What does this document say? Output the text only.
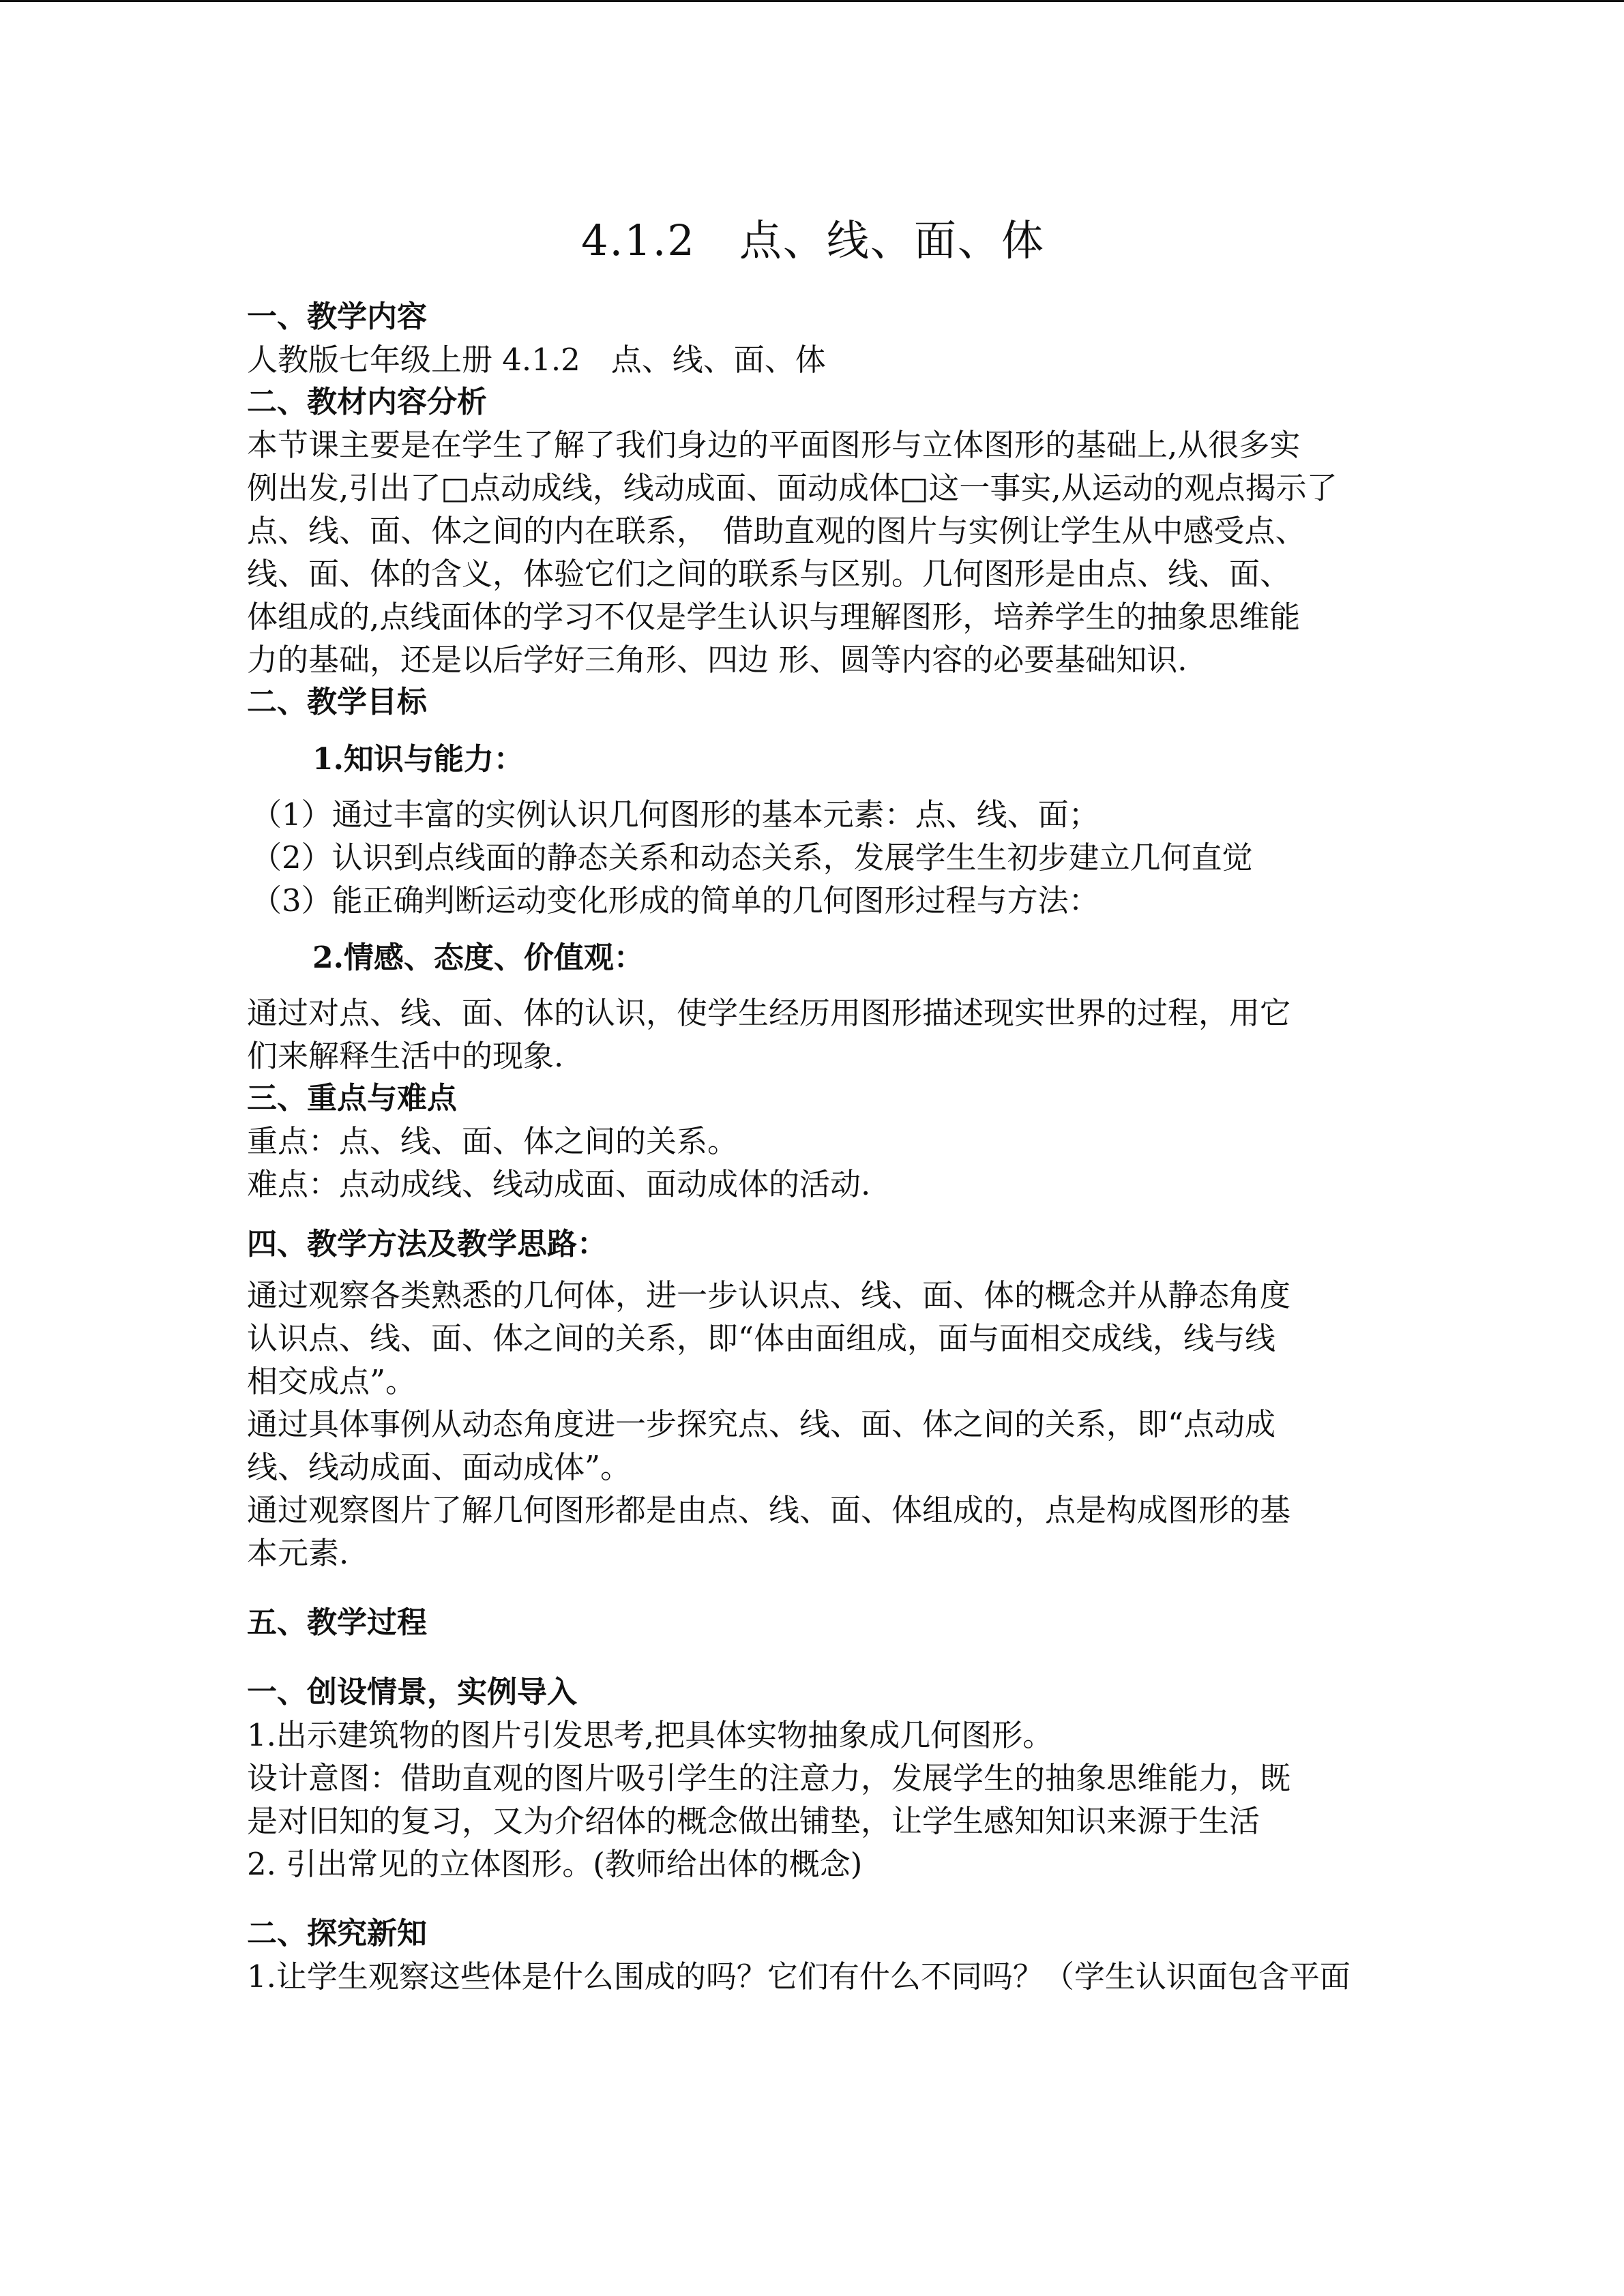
4.1.2　点、线、面、体
一、教学内容
人教版七年级上册 4.1.2　点、线、面、体
二、教材内容分析
本节课主要是在学生了解了我们身边的平面图形与立体图形的基础上,从很多实
例出发,引出了□点动成线，线动成面、面动成体□这一事实,从运动的观点揭示了
点、线、面、体之间的内在联系，　借助直观的图片与实例让学生从中感受点、
线、面、体的含义，体验它们之间的联系与区别。几何图形是由点、线、面、
体组成的,点线面体的学习不仅是学生认识与理解图形，培养学生的抽象思维能
力的基础，还是以后学好三角形、四边 形、圆等内容的必要基础知识.
二、教学目标
1.知识与能力：
（1）通过丰富的实例认识几何图形的基本元素：点、线、面；
（2）认识到点线面的静态关系和动态关系，发展学生生初步建立几何直觉
（3）能正确判断运动变化形成的简单的几何图形过程与方法：
2.情感、态度、价值观：
通过对点、线、面、体的认识，使学生经历用图形描述现实世界的过程，用它
们来解释生活中的现象.
三、重点与难点
重点：点、线、面、体之间的关系。
难点：点动成线、线动成面、面动成体的活动.
四、教学方法及教学思路：
通过观察各类熟悉的几何体，进一步认识点、线、面、体的概念并从静态角度
认识点、线、面、体之间的关系，即“体由面组成，面与面相交成线，线与线
相交成点”。
通过具体事例从动态角度进一步探究点、线、面、体之间的关系，即“点动成
线、线动成面、面动成体”。
通过观察图片了解几何图形都是由点、线、面、体组成的，点是构成图形的基
本元素.
五、教学过程
一、创设情景，实例导入
1.出示建筑物的图片引发思考,把具体实物抽象成几何图形。
设计意图：借助直观的图片吸引学生的注意力，发展学生的抽象思维能力，既
是对旧知的复习，又为介绍体的概念做出铺垫，让学生感知知识来源于生活
2. 引出常见的立体图形。(教师给出体的概念)
二、探究新知
1.让学生观察这些体是什么围成的吗？它们有什么不同吗？（学生认识面包含平面
